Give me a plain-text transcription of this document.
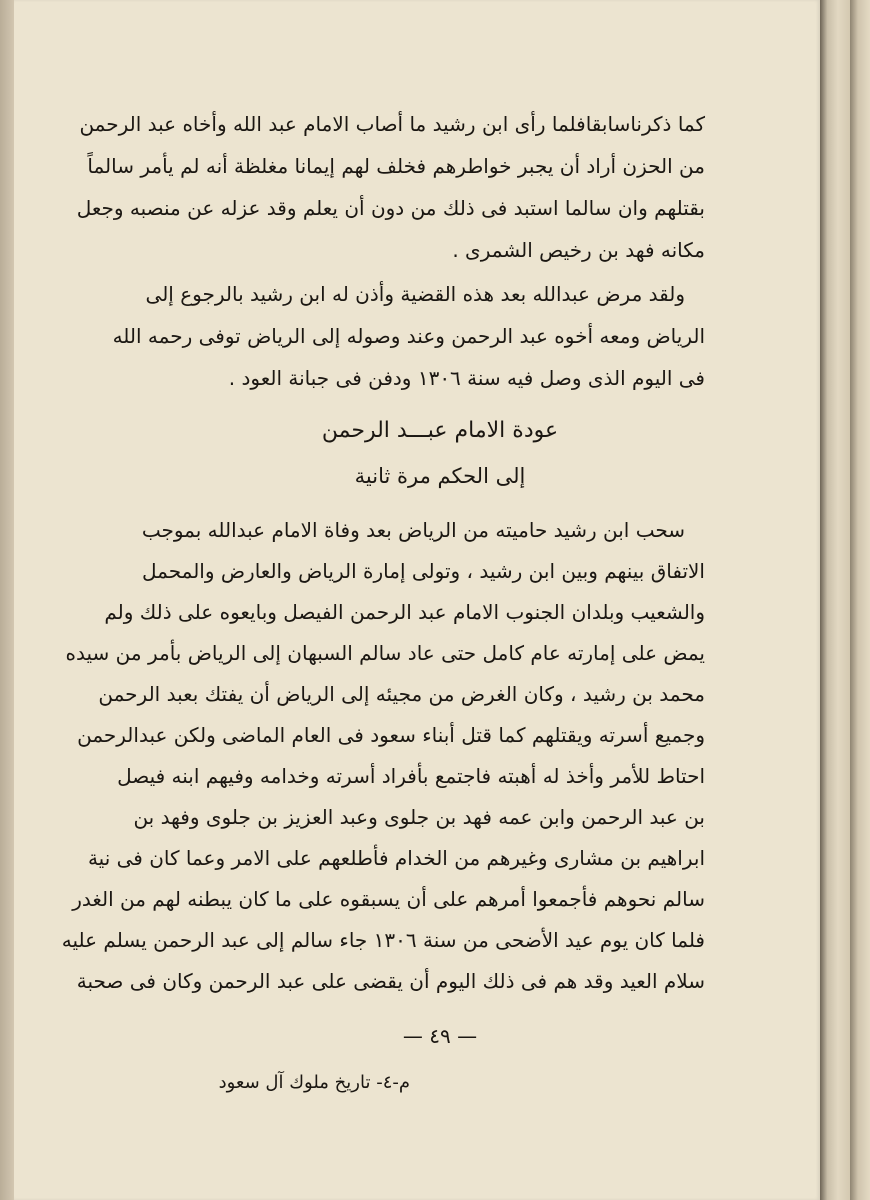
كما ذكرناسابقافلما رأى ابن رشيد ما أصاب الامام عبد الله وأخاه عبد الرحمن
من الحزن أراد أن يجبر خواطرهم فخلف لهم إيمانا مغلظة أنه لم يأمر سالماً
بقتلهم وان سالما استبد فى ذلك من دون أن يعلم وقد عزله عن منصبه وجعل
مكانه فهد بن رخيص الشمرى .
ولقد مرض عبدالله بعد هذه القضية وأذن له ابن رشيد بالرجوع إلى
الرياض ومعه أخوه عبد الرحمن وعند وصوله إلى الرياض توفى رحمه الله
فى اليوم الذى وصل فيه سنة ١٣٠٦ ودفن فى جبانة العود .
عودة الامام عبـــد الرحمن
إلى الحكم مرة ثانية
سحب ابن رشيد حاميته من الرياض بعد وفاة الامام عبدالله بموجب
الاتفاق بينهم وبين ابن رشيد ، وتولى إمارة الرياض والعارض والمحمل
والشعيب وبلدان الجنوب الامام عبد الرحمن الفيصل وبايعوه على ذلك ولم
يمض على إمارته عام كامل حتى عاد سالم السبهان إلى الرياض بأمر من سيده
محمد بن رشيد ، وكان الغرض من مجيئه إلى الرياض أن يفتك بعبد الرحمن
وجميع أسرته ويقتلهم كما قتل أبناء سعود فى العام الماضى ولكن عبدالرحمن
احتاط للأمر وأخذ له أهبته فاجتمع بأفراد أسرته وخدامه وفيهم ابنه فيصل
بن عبد الرحمن وابن عمه فهد بن جلوى وعبد العزيز بن جلوى وفهد بن
ابراهيم بن مشارى وغيرهم من الخدام فأطلعهم على الامر وعما كان فى نية
سالم نحوهم فأجمعوا أمرهم على أن يسبقوه على ما كان يبطنه لهم من الغدر
فلما كان يوم عيد الأضحى من سنة ١٣٠٦ جاء سالم إلى عبد الرحمن يسلم عليه
سلام العيد وقد هم فى ذلك اليوم أن يقضى على عبد الرحمن وكان فى صحبة
— ٤٩ —
م-٤- تاريخ ملوك آل سعود
